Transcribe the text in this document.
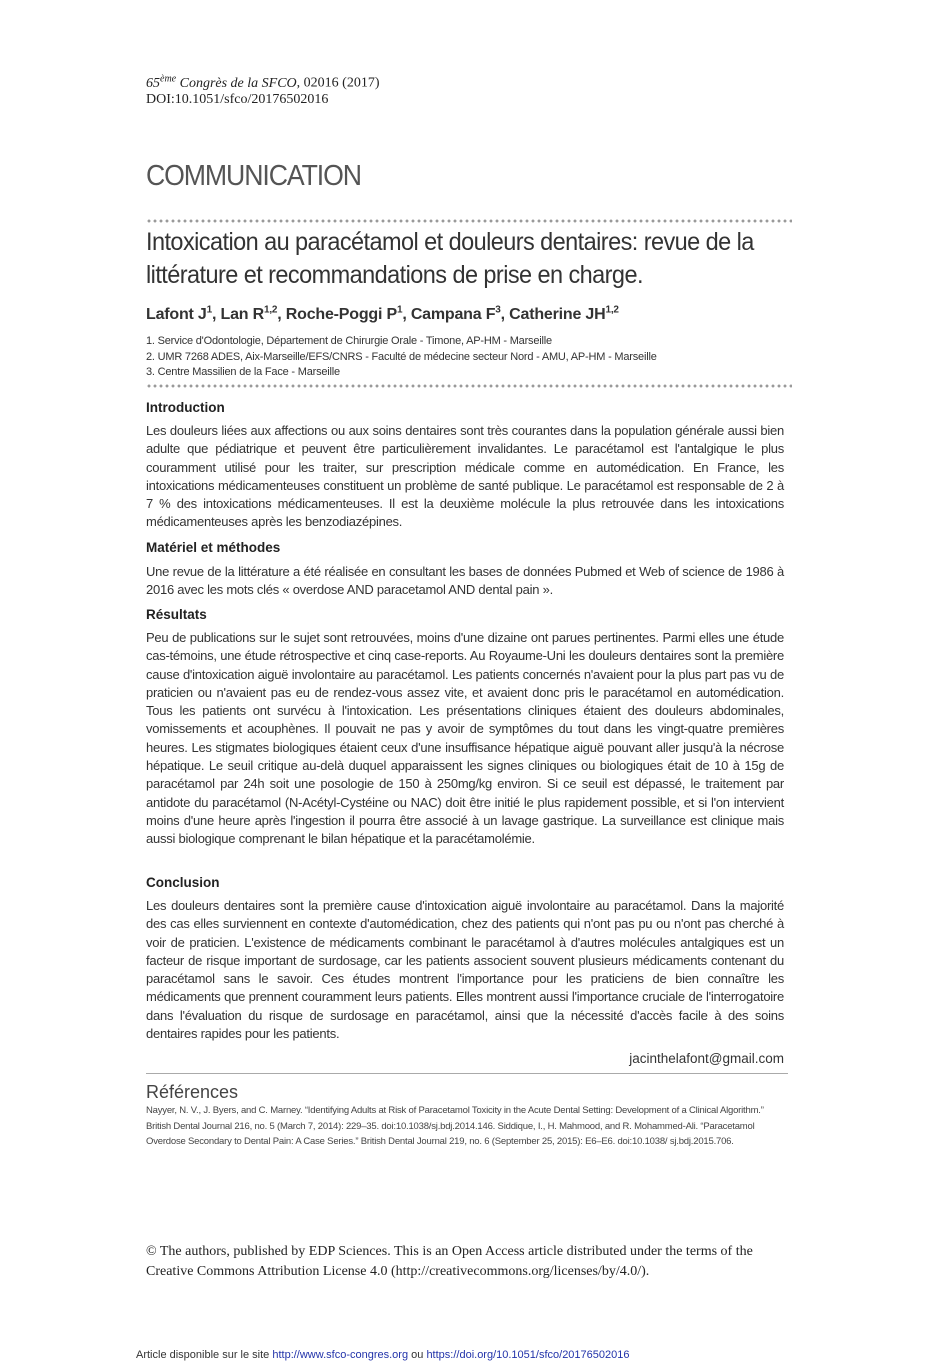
65ème Congrès de la SFCO, 02016 (2017)
DOI:10.1051/sfco/20176502016
COMMUNICATION
Intoxication au paracétamol et douleurs dentaires: revue de la littérature et recommandations de prise en charge.
Lafont $J^1$, Lan R$^{1,2}$, Roche-Poggi $P^1$, Campana $F^3$, Catherine JH$^{1,2}$
1. Service d'Odontologie, Département de Chirurgie Orale - Timone, AP-HM - Marseille
2. UMR 7268 ADES, Aix-Marseille/EFS/CNRS - Faculté de médecine secteur Nord - AMU, AP-HM - Marseille
3. Centre Massilien de la Face - Marseille
Introduction
Les douleurs liées aux affections ou aux soins dentaires sont très courantes dans la population générale aussi bien adulte que pédiatrique et peuvent être particulièrement invalidantes. Le paracétamol est l'antalgique le plus couramment utilisé pour les traiter, sur prescription médicale comme en automédication. En France, les intoxications médicamenteuses constituent un problème de santé publique. Le paracétamol est responsable de 2 à 7 % des intoxications médicamenteuses. Il est la deuxième molécule la plus retrouvée dans les intoxications médicamenteuses après les benzodiazépines.
Matériel et méthodes
Une revue de la littérature a été réalisée en consultant les bases de données Pubmed et Web of science de 1986 à 2016 avec les mots clés « overdose AND paracetamol AND dental pain ».
Résultats
Peu de publications sur le sujet sont retrouvées, moins d'une dizaine ont parues pertinentes. Parmi elles une étude cas-témoins, une étude rétrospective et cinq case-reports. Au Royaume-Uni les douleurs dentaires sont la première cause d'intoxication aiguë involontaire au paracétamol. Les patients concernés n'avaient pour la plus part pas vu de praticien ou n'avaient pas eu de rendez-vous assez vite, et avaient donc pris le paracétamol en automédication. Tous les patients ont survécu à l'intoxication. Les présentations cliniques étaient des douleurs abdominales, vomissements et acouphènes. Il pouvait ne pas y avoir de symptômes du tout dans les vingt-quatre premières heures. Les stigmates biologiques étaient ceux d'une insuffisance hépatique aiguë pouvant aller jusqu'à la nécrose hépatique. Le seuil critique au-delà duquel apparaissent les signes cliniques ou biologiques était de 10 à 15g de paracétamol par 24h soit une posologie de 150 à 250mg/kg environ. Si ce seuil est dépassé, le traitement par antidote du paracétamol (N-Acétyl-Cystéine ou NAC) doit être initié le plus rapidement possible, et si l'on intervient moins d'une heure après l'ingestion il pourra être associé à un lavage gastrique. La surveillance est clinique mais aussi biologique comprenant le bilan hépatique et la paracétamolémie.
Conclusion
Les douleurs dentaires sont la première cause d'intoxication aiguë involontaire au paracétamol. Dans la majorité des cas elles surviennent en contexte d'automédication, chez des patients qui n'ont pas pu ou n'ont pas cherché à voir de praticien. L'existence de médicaments combinant le paracétamol à d'autres molécules antalgiques est un facteur de risque important de surdosage, car les patients associent souvent plusieurs médicaments contenant du paracétamol sans le savoir. Ces études montrent l'importance pour les praticiens de bien connaître les médicaments que prennent couramment leurs patients. Elles montrent aussi l'importance cruciale de l'interrogatoire dans l'évaluation du risque de surdosage en paracétamol, ainsi que la nécessité d'accès facile à des soins dentaires rapides pour les patients.
jacinthelafont@gmail.com
Références
Nayyer, N. V., J. Byers, and C. Marney. “Identifying Adults at Risk of Paracetamol Toxicity in the Acute Dental Setting: Development of a Clinical Algorithm.” British Dental Journal 216, no. 5 (March 7, 2014): 229–35. doi:10.1038/sj.bdj.2014.146. Siddique, I., H. Mahmood, and R. Mohammed-Ali. “Paracetamol Overdose Secondary to Dental Pain: A Case Series.” British Dental Journal 219, no. 6 (September 25, 2015): E6–E6. doi:10.1038/ sj.bdj.2015.706.
© The authors, published by EDP Sciences. This is an Open Access article distributed under the terms of the Creative Commons Attribution License 4.0 (http://creativecommons.org/licenses/by/4.0/).
Article disponible sur le site http://www.sfco-congres.org ou https://doi.org/10.1051/sfco/20176502016
